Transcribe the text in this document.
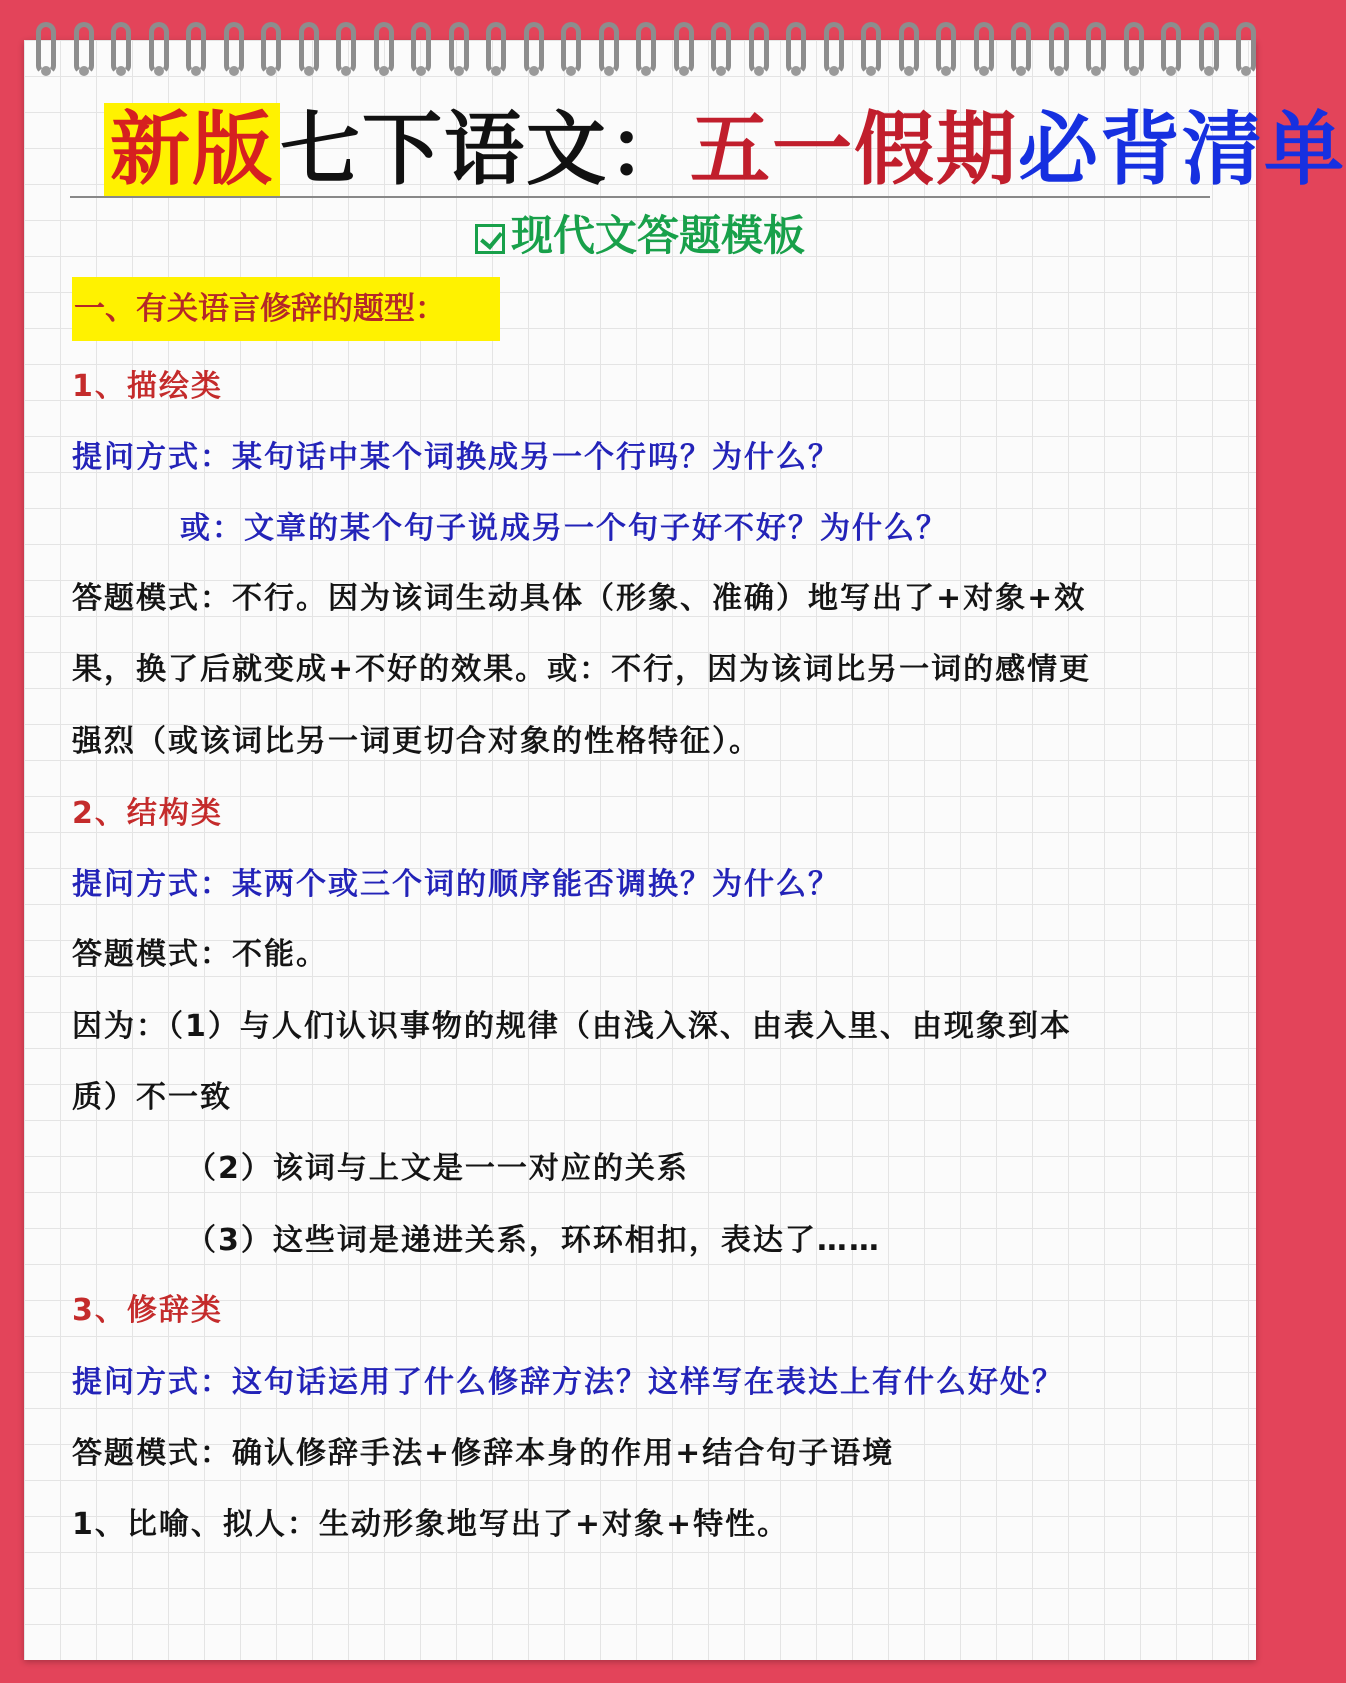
新版七下语文：五一假期必背清单
现代文答题模板
一、有关语言修辞的题型：
1、描绘类
提问方式：某句话中某个词换成另一个行吗？为什么？
或：文章的某个句子说成另一个句子好不好？为什么？
答题模式：不行。因为该词生动具体（形象、准确）地写出了+对象+效
果，换了后就变成+不好的效果。或：不行，因为该词比另一词的感情更
强烈（或该词比另一词更切合对象的性格特征）。
2、结构类
提问方式：某两个或三个词的顺序能否调换？为什么？
答题模式：不能。
因为：（1）与人们认识事物的规律（由浅入深、由表入里、由现象到本
质）不一致
（2）该词与上文是一一对应的关系
（3）这些词是递进关系，环环相扣，表达了……
3、修辞类
提问方式：这句话运用了什么修辞方法？这样写在表达上有什么好处？
答题模式：确认修辞手法+修辞本身的作用+结合句子语境
1、比喻、拟人：生动形象地写出了+对象+特性。
